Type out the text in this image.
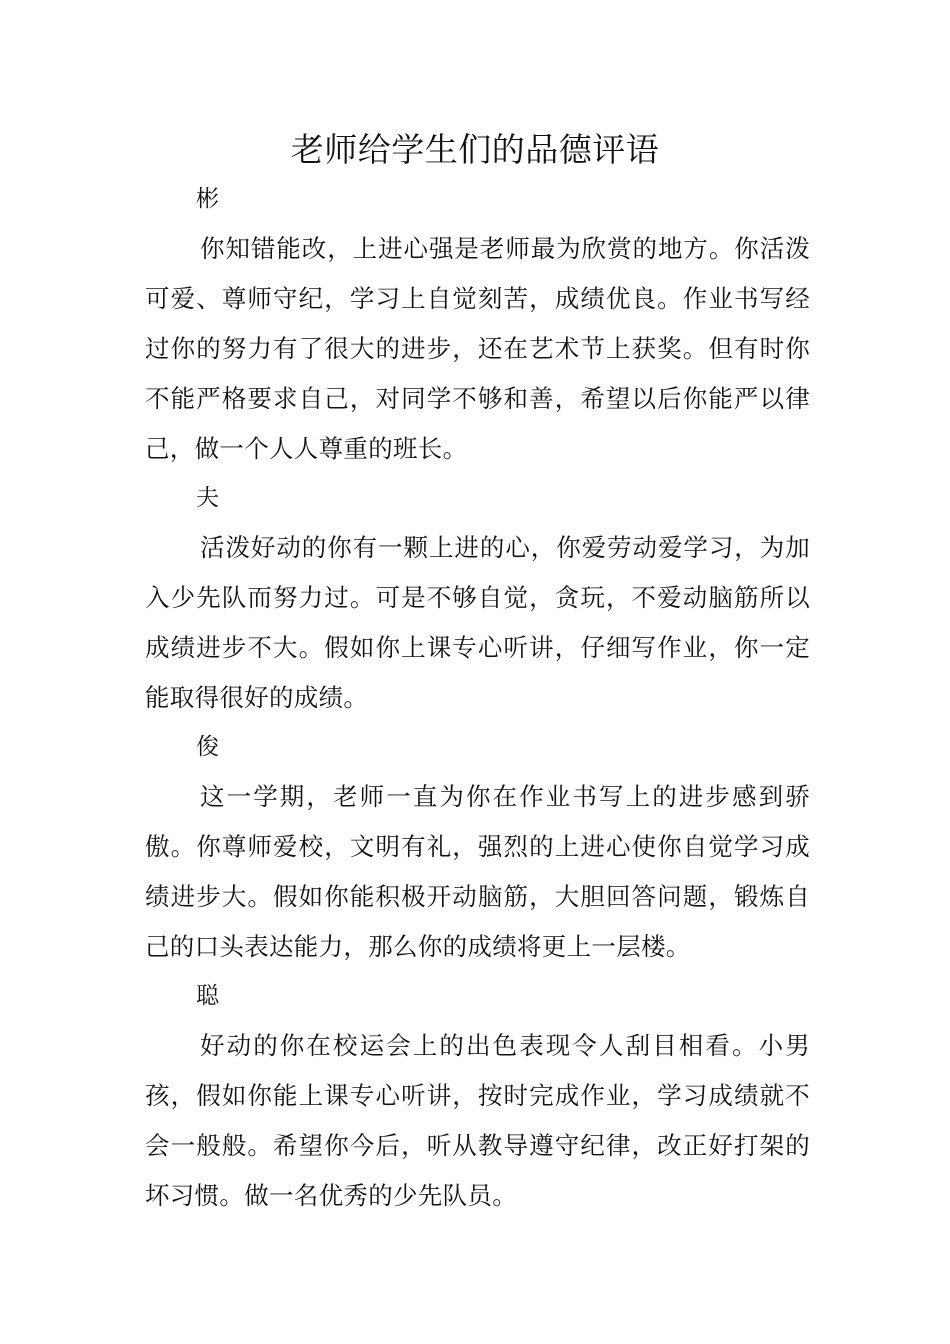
老师给学生们的品德评语

彬

你知错能改，上进心强是老师最为欣赏的地方。你活泼可爱、尊师守纪，学习上自觉刻苦，成绩优良。作业书写经过你的努力有了很大的进步，还在艺术节上获奖。但有时你不能严格要求自己，对同学不够和善，希望以后你能严以律己，做一个人人尊重的班长。

夫

活泼好动的你有一颗上进的心，你爱劳动爱学习，为加入少先队而努力过。可是不够自觉，贪玩，不爱动脑筋所以成绩进步不大。假如你上课专心听讲，仔细写作业，你一定能取得很好的成绩。

俊

这一学期，老师一直为你在作业书写上的进步感到骄傲。你尊师爱校，文明有礼，强烈的上进心使你自觉学习成绩进步大。假如你能积极开动脑筋，大胆回答问题，锻炼自己的口头表达能力，那么你的成绩将更上一层楼。

聪

好动的你在校运会上的出色表现令人刮目相看。小男孩，假如你能上课专心听讲，按时完成作业，学习成绩就不会一般般。希望你今后，听从教导遵守纪律，改正好打架的坏习惯。做一名优秀的少先队员。
